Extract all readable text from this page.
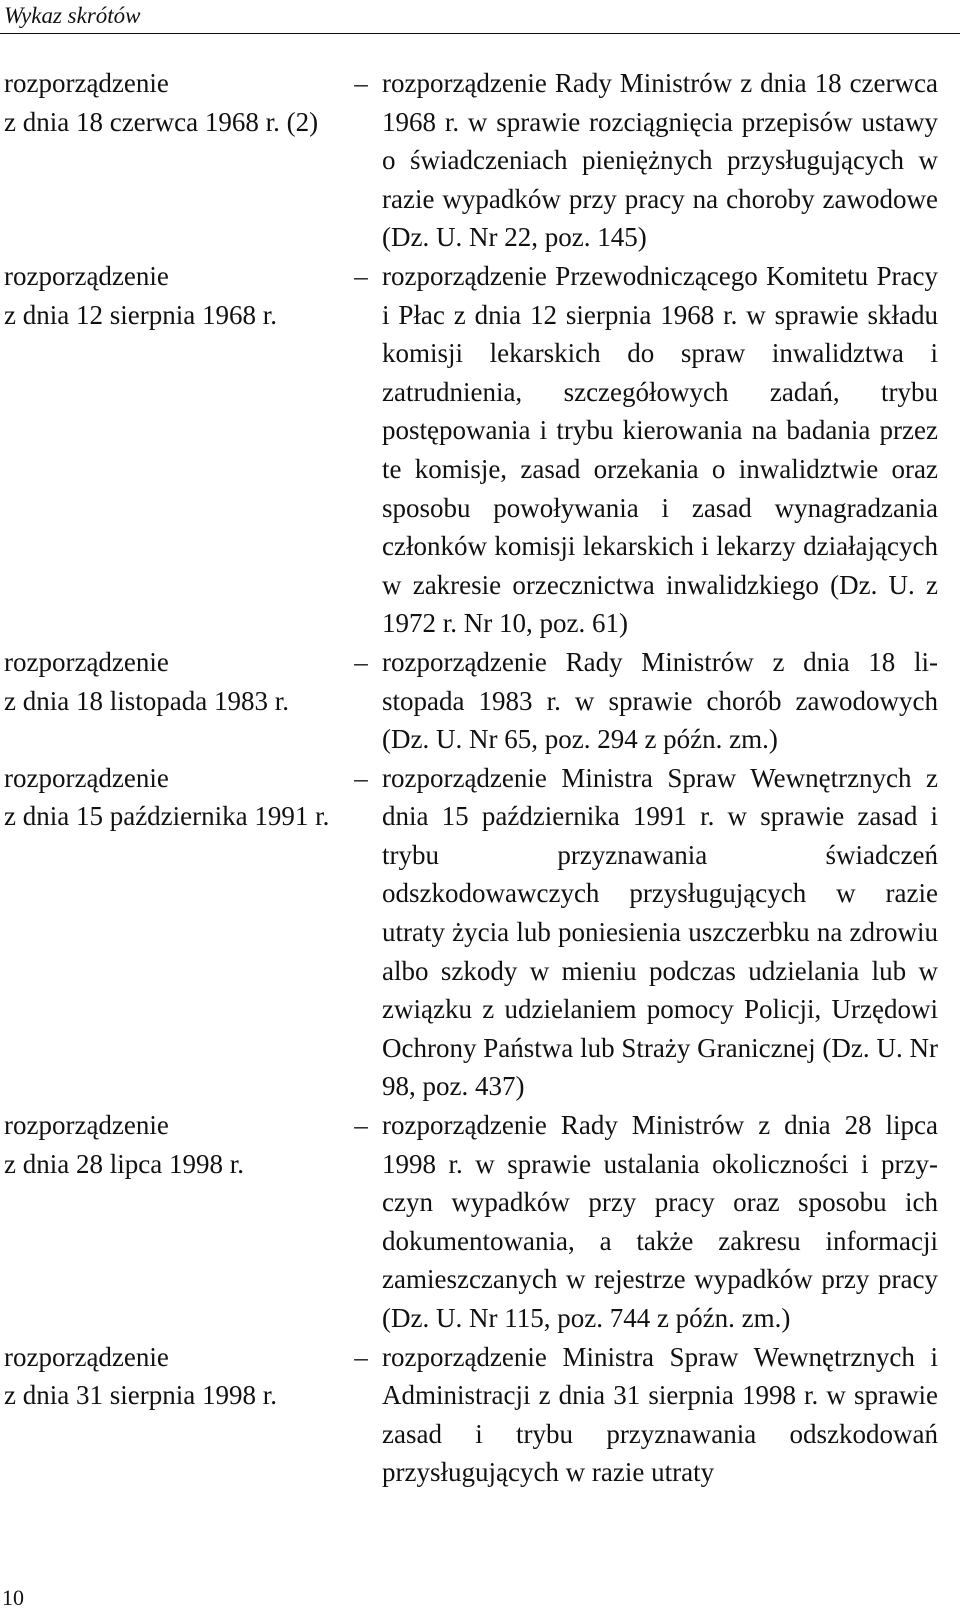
Wykaz skrótów
rozporządzenie
z dnia 18 czerwca 1968 r. (2)
– rozporządzenie Rady Ministrów z dnia 18 czerwca 1968 r. w sprawie rozciągnięcia przepisów ustawy o świadczeniach pieniężnych przysługujących w razie wypadków przy pracy na choroby zawodowe (Dz. U. Nr 22, poz. 145)
rozporządzenie
z dnia 12 sierpnia 1968 r.
– rozporządzenie Przewodniczącego Komitetu Pracy i Płac z dnia 12 sierpnia 1968 r. w sprawie składu komisji lekarskich do spraw inwalidztwa i zatrudnienia, szczegółowych zadań, trybu postępowania i trybu kierowania na badania przez te komisje, zasad orzekania o inwalidztwie oraz sposobu powoływania i zasad wynagradzania członków komisji lekarskich i lekarzy działających w zakresie orzecznictwa inwalidzkiego (Dz. U. z 1972 r. Nr 10, poz. 61)
rozporządzenie
z dnia 18 listopada 1983 r.
– rozporządzenie Rady Ministrów z dnia 18 listopada 1983 r. w sprawie chorób zawodowych (Dz. U. Nr 65, poz. 294 z późn. zm.)
rozporządzenie
z dnia 15 października 1991 r.
– rozporządzenie Ministra Spraw Wewnętrznych z dnia 15 października 1991 r. w sprawie zasad i trybu przyznawania świadczeń odszkodowawczych przysługujących w razie utraty życia lub poniesienia uszczerbku na zdrowiu albo szkody w mieniu podczas udzielania lub w związku z udzielaniem pomocy Policji, Urzędowi Ochrony Państwa lub Straży Granicznej (Dz. U. Nr 98, poz. 437)
rozporządzenie
z dnia 28 lipca 1998 r.
– rozporządzenie Rady Ministrów z dnia 28 lipca 1998 r. w sprawie ustalania okoliczności i przyczyn wypadków przy pracy oraz sposobu ich dokumentowania, a także zakresu informacji zamieszczanych w rejestrze wypadków przy pracy (Dz. U. Nr 115, poz. 744 z późn. zm.)
rozporządzenie
z dnia 31 sierpnia 1998 r.
– rozporządzenie Ministra Spraw Wewnętrznych i Administracji z dnia 31 sierpnia 1998 r. w sprawie zasad i trybu przyznawania odszkodowań przysługujących w razie utraty
10
